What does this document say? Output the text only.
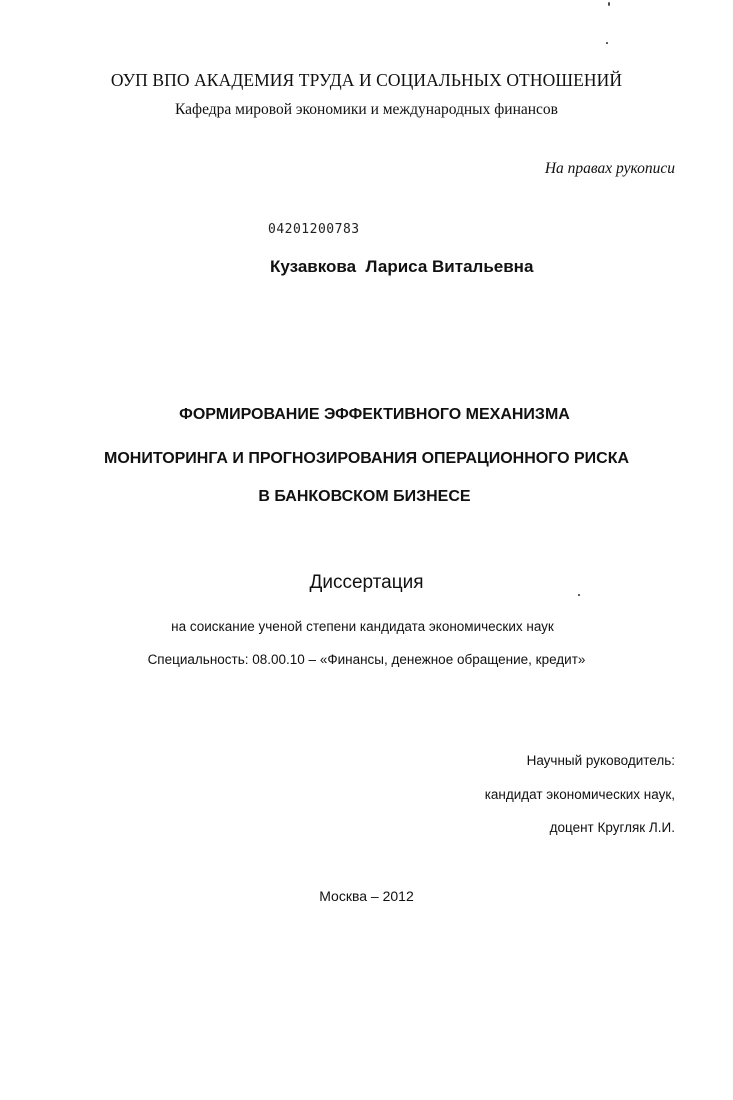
ОУП ВПО АКАДЕМИЯ ТРУДА И СОЦИАЛЬНЫХ ОТНОШЕНИЙ
Кафедра мировой экономики и международных финансов
На правах рукописи
04201200783
Кузавкова  Лариса Витальевна
ФОРМИРОВАНИЕ ЭФФЕКТИВНОГО МЕХАНИЗМА
МОНИТОРИНГА И ПРОГНОЗИРОВАНИЯ ОПЕРАЦИОННОГО РИСКА
В БАНКОВСКОМ БИЗНЕСЕ
Диссертация
на соискание ученой степени кандидата экономических наук
Специальность: 08.00.10 – «Финансы, денежное обращение, кредит»
Научный руководитель:
кандидат экономических наук,
доцент Кругляк Л.И.
Москва – 2012
